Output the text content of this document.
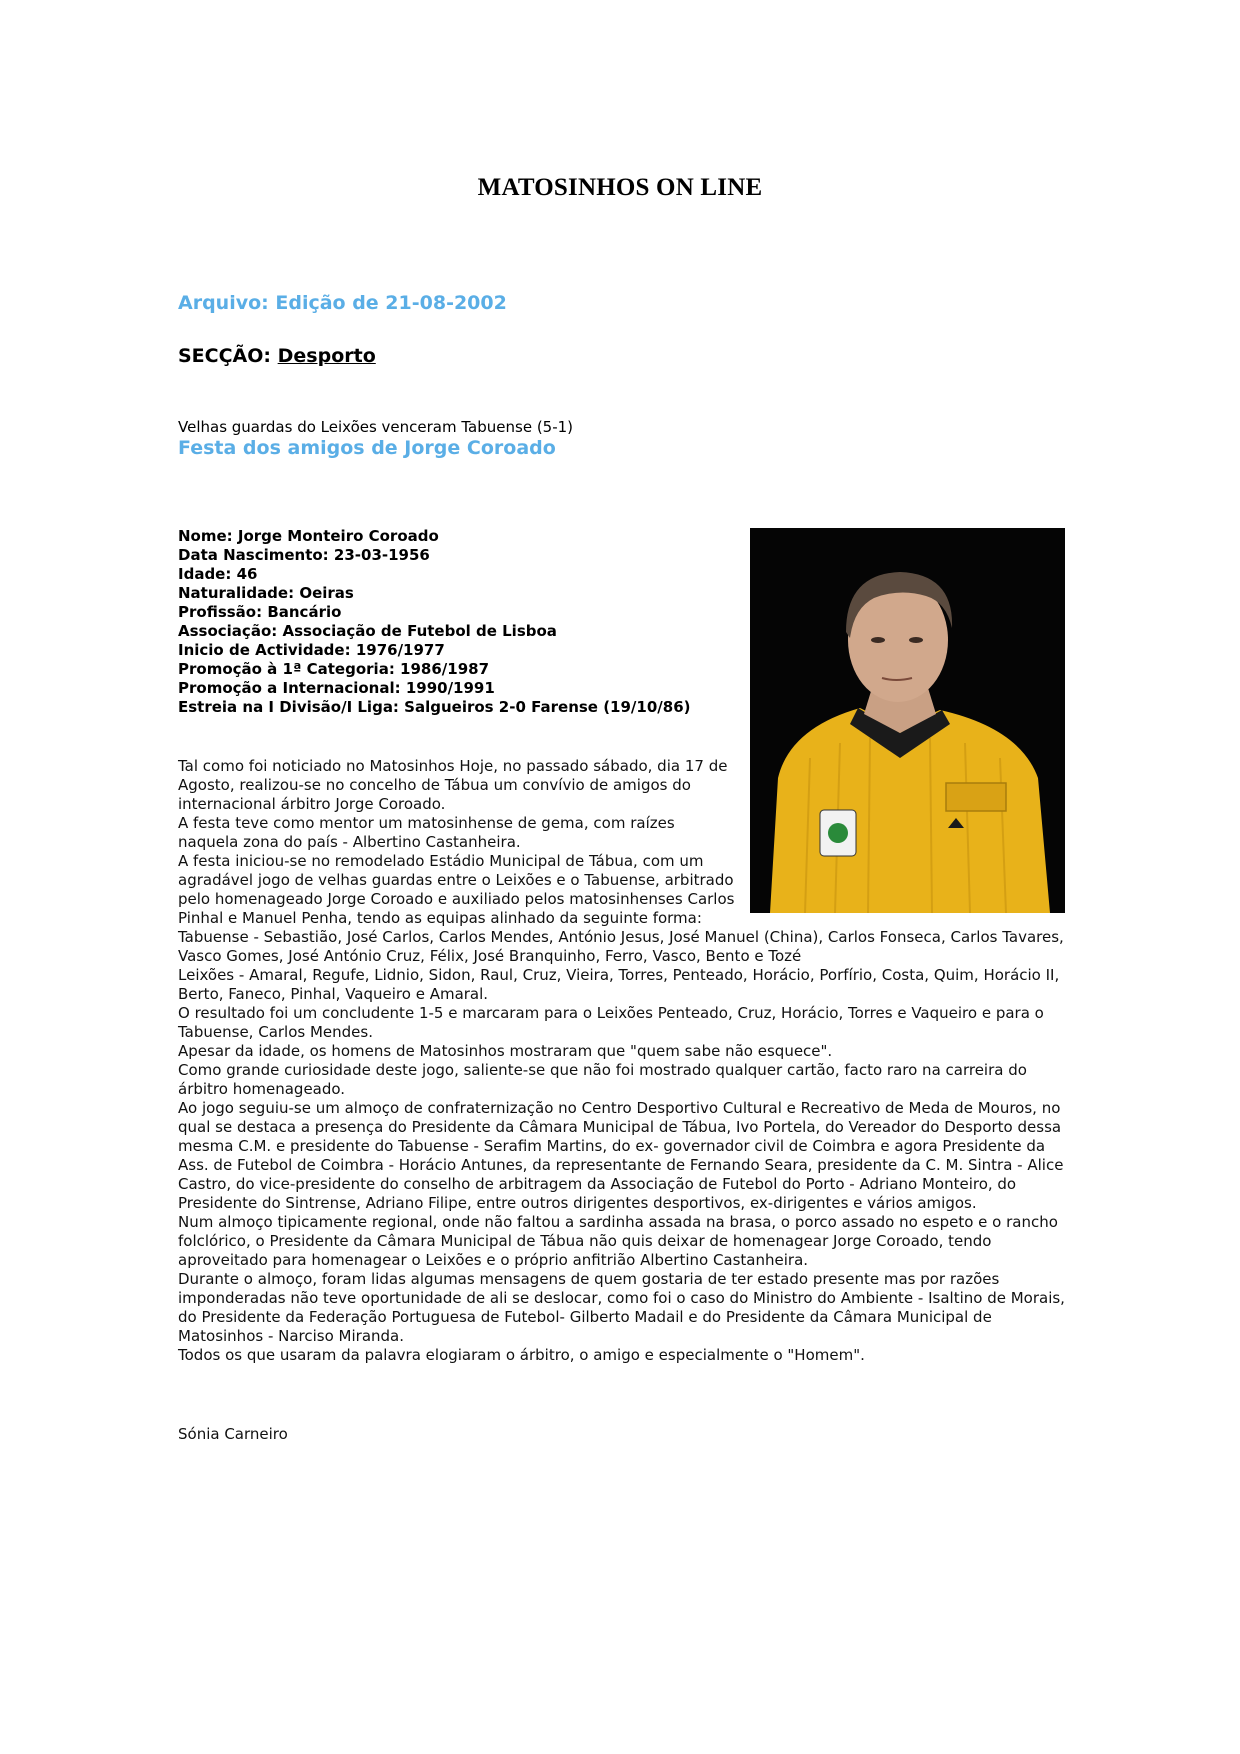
MATOSINHOS ON LINE
Arquivo: Edição de 21-08-2002
SECÇÃO: Desporto
Velhas guardas do Leixões venceram Tabuense (5-1)
Festa dos amigos de Jorge Coroado
Nome: Jorge Monteiro Coroado
Data Nascimento: 23-03-1956
Idade: 46
Naturalidade: Oeiras
Profissão: Bancário
Associação: Associação de Futebol de Lisboa
Inicio de Actividade: 1976/1977
Promoção à 1ª Categoria: 1986/1987
Promoção a Internacional: 1990/1991
Estreia na I Divisão/I Liga: Salgueiros 2-0 Farense (19/10/86)

Tal como foi noticiado no Matosinhos Hoje, no passado sábado, dia 17 de Agosto, realizou-se no concelho de Tábua um convívio de amigos do internacional árbitro Jorge Coroado.

A festa teve como mentor um matosinhense de gema, com raízes naquela zona do país - Albertino Castanheira.

A festa iniciou-se no remodelado Estádio Municipal de Tábua, com um agradável jogo de velhas guardas entre o Leixões e o Tabuense, arbitrado pelo homenageado Jorge Coroado e auxiliado pelos matosinhenses Carlos Pinhal e Manuel Penha, tendo as equipas alinhado da seguinte forma:

Tabuense - Sebastião, José Carlos, Carlos Mendes, António Jesus, José Manuel (China), Carlos Fonseca, Carlos Tavares, Vasco Gomes, José António Cruz, Félix, José Branquinho, Ferro, Vasco, Bento e Tozé

Leixões - Amaral, Regufe, Lidnio, Sidon, Raul, Cruz, Vieira, Torres, Penteado, Horácio, Porfírio, Costa, Quim, Horácio II, Berto, Faneco, Pinhal, Vaqueiro e Amaral.

O resultado foi um concludente 1-5 e marcaram para o Leixões Penteado, Cruz, Horácio, Torres e Vaqueiro e para o Tabuense, Carlos Mendes.

Apesar da idade, os homens de Matosinhos mostraram que "quem sabe não esquece".

Como grande curiosidade deste jogo, saliente-se que não foi mostrado qualquer cartão, facto raro na carreira do árbitro homenageado.

Ao jogo seguiu-se um almoço de confraternização no Centro Desportivo Cultural e Recreativo de Meda de Mouros, no qual se destaca a presença do Presidente da Câmara Municipal de Tábua, Ivo Portela, do Vereador do Desporto dessa mesma C.M. e presidente do Tabuense - Serafim Martins, do ex- governador civil de Coimbra e agora Presidente da Ass. de Futebol de Coimbra - Horácio Antunes, da representante de Fernando Seara, presidente da C. M. Sintra - Alice Castro, do vice-presidente do conselho de arbitragem da Associação de Futebol do Porto - Adriano Monteiro, do Presidente do Sintrense, Adriano Filipe, entre outros dirigentes desportivos, ex-dirigentes e vários amigos.

Num almoço tipicamente regional, onde não faltou a sardinha assada na brasa, o porco assado no espeto e o rancho folclórico, o Presidente da Câmara Municipal de Tábua não quis deixar de homenagear Jorge Coroado, tendo aproveitado para homenagear o Leixões e o próprio anfitrião Albertino Castanheira.

Durante o almoço, foram lidas algumas mensagens de quem gostaria de ter estado presente mas por razões imponderadas não teve oportunidade de ali se deslocar, como foi o caso do Ministro do Ambiente - Isaltino de Morais, do Presidente da Federação Portuguesa de Futebol- Gilberto Madail e do Presidente da Câmara Municipal de Matosinhos - Narciso Miranda.

Todos os que usaram da palavra elogiaram o árbitro, o amigo e especialmente o "Homem".

Sónia Carneiro
